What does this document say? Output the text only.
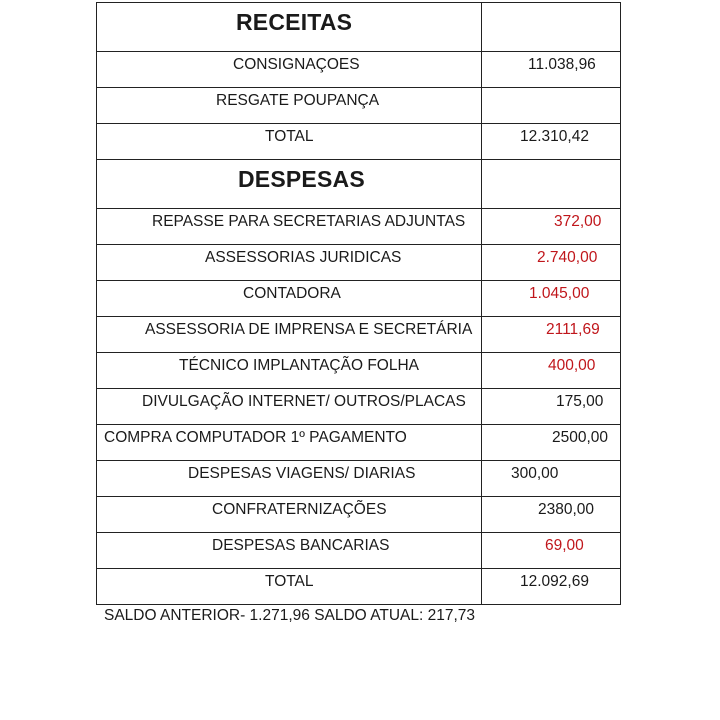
RECEITAS	

CONSIGNAÇOES	11.038,96

RESGATE POUPANÇA	

TOTAL	12.310,42

DESPESAS	

REPASSE PARA SECRETARIAS ADJUNTAS	372,00

ASSESSORIAS JURIDICAS	2.740,00

CONTADORA	1.045,00

ASSESSORIA DE IMPRENSA E SECRETÁRIA	2111,69

TÉCNICO IMPLANTAÇÃO FOLHA	400,00

DIVULGAÇÃO INTERNET/ OUTROS/PLACAS	175,00

COMPRA COMPUTADOR 1º PAGAMENTO	2500,00

DESPESAS VIAGENS/ DIARIAS	300,00

CONFRATERNIZAÇÕES	2380,00

DESPESAS BANCARIAS	69,00

TOTAL	12.092,69
SALDO ANTERIOR- 1.271,96 SALDO ATUAL: 217,73
